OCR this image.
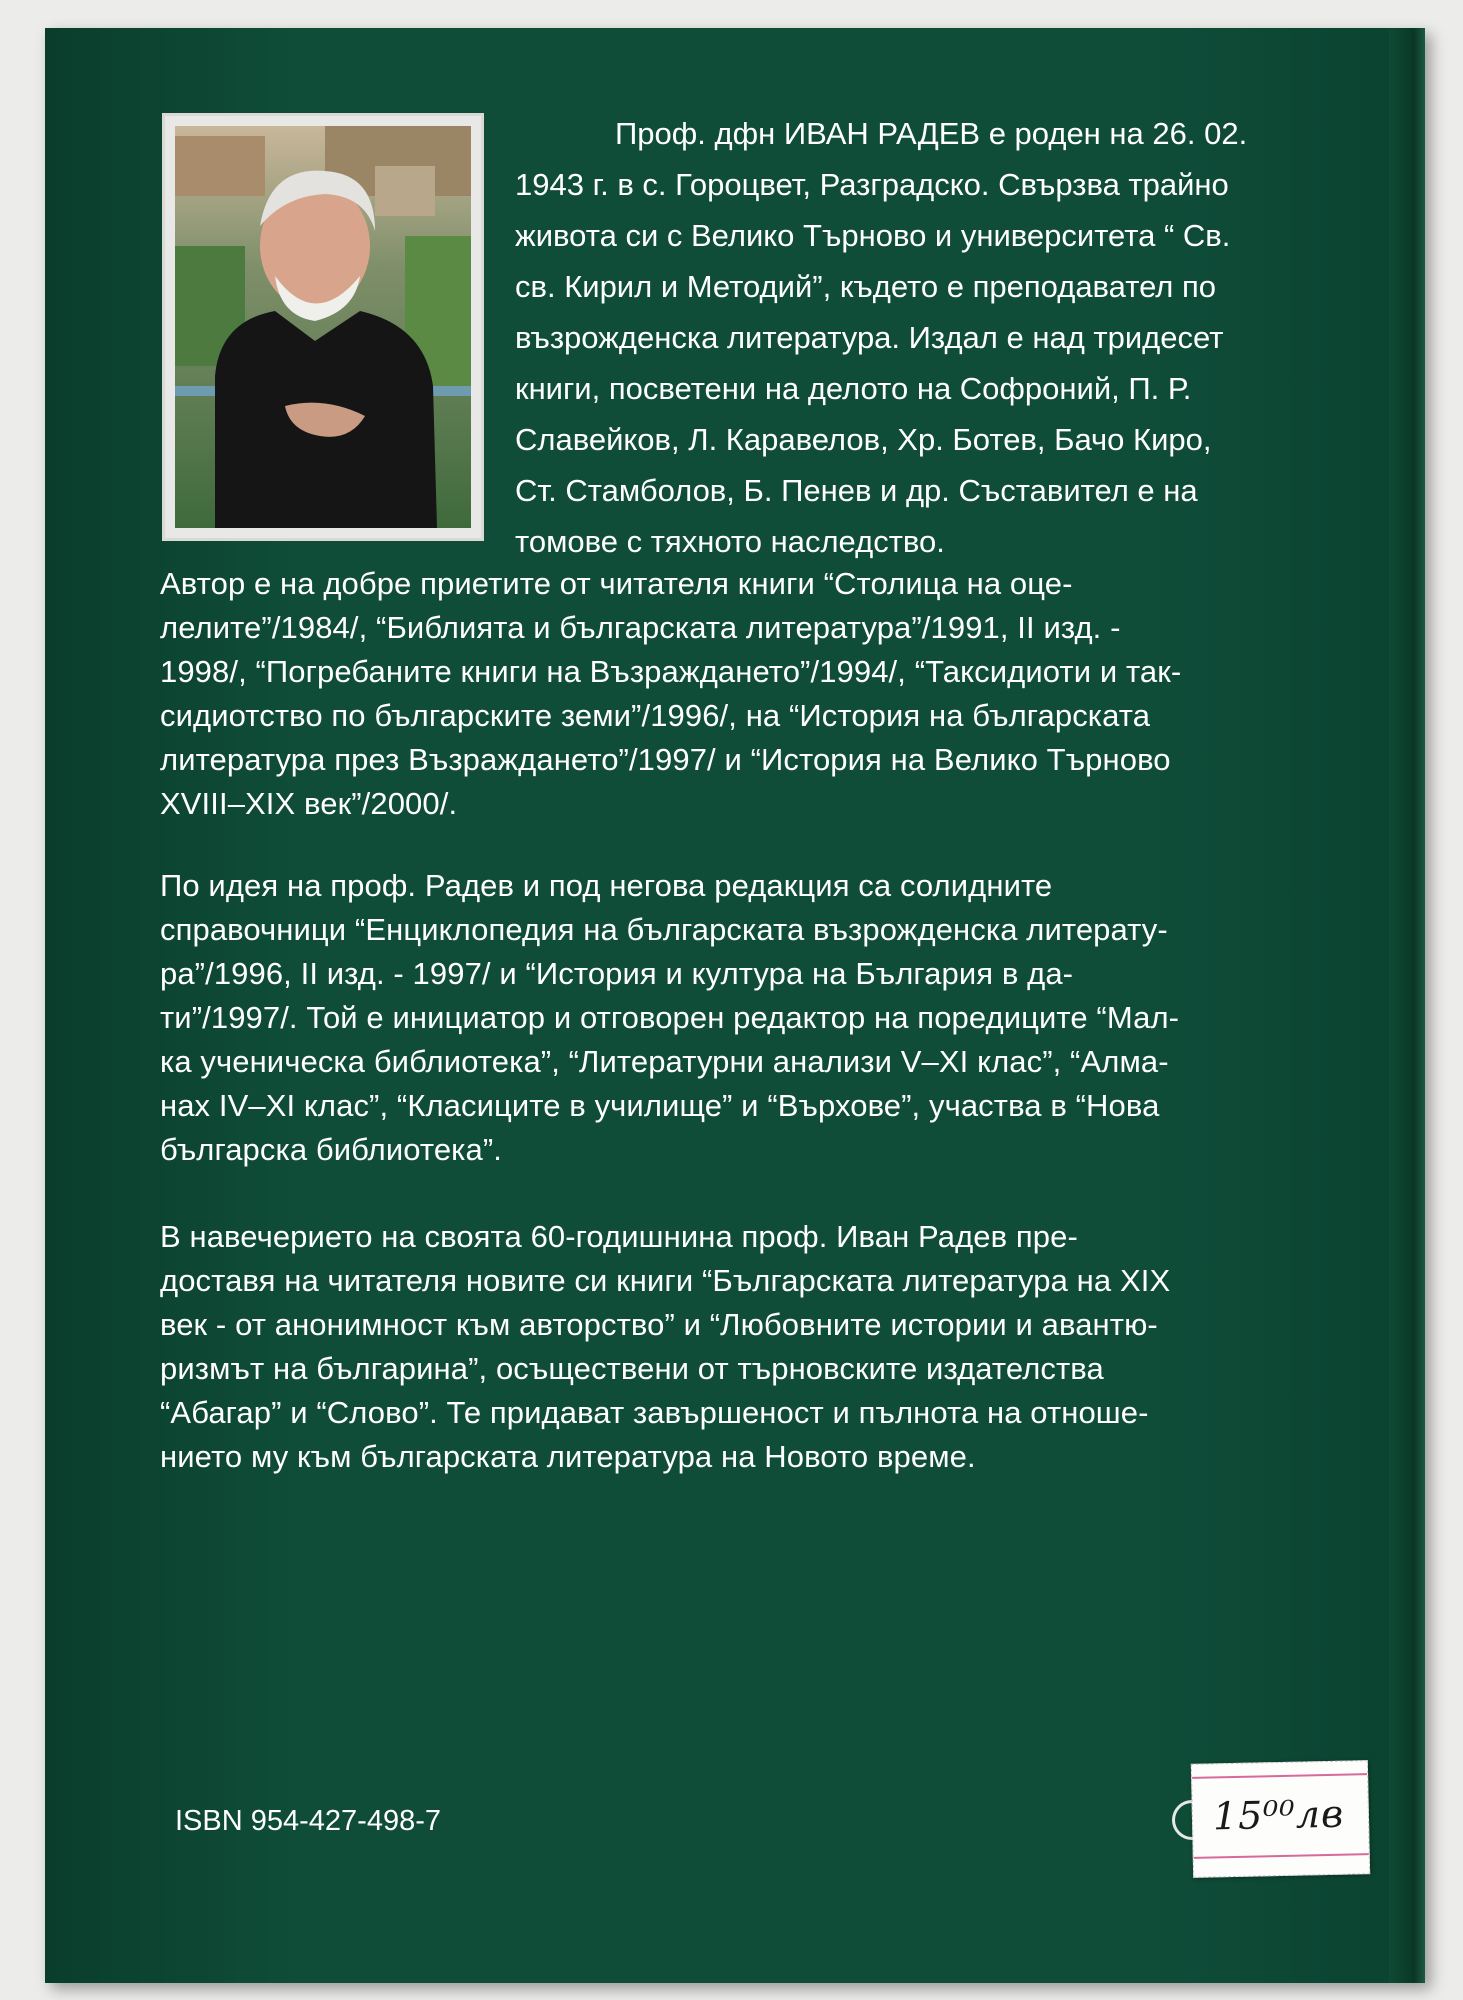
Проф. дфн ИВАН РАДЕВ е роден на 26. 02.
1943 г. в с. Гороцвет, Разградско. Свързва трайно
живота си с Велико Търново и университета “ Св.
св. Кирил и Методий”, където е преподавател по
възрожденска литература. Издал е над тридесет
книги, посветени на делото на Софроний, П. Р.
Славейков, Л. Каравелов, Хр. Ботев, Бачо Киро,
Ст. Стамболов, Б. Пенев и др. Съставител е на
томове с тяхното наследство.

Автор е на добре приетите от читателя книги “Столица на оце-
лелите”/1984/, “Библията и българската литература”/1991, II изд. -
1998/, “Погребаните книги на Възраждането”/1994/, “Таксидиоти и так-
сидиотство по българските земи”/1996/, на “История на българската
литература през Възраждането”/1997/ и “История на Велико Търново
XVIII–XIX век”/2000/.

По идея на проф. Радев и под негова редакция са солидните
справочници “Енциклопедия на българската възрожденска литерату-
ра”/1996, II изд. - 1997/ и “История и култура на България в да-
ти”/1997/. Той е инициатор и отговорен редактор на поредиците “Мал-
ка ученическа библиотека”, “Литературни анализи V–XI клас”, “Алма-
нах IV–XI клас”, “Класиците в училище” и “Върхове”, участва в “Нова
българска библиотека”.

В навечерието на своята 60-годишнина проф. Иван Радев пре-
доставя на читателя новите си книги “Българската литература на XIX
век - от анонимност към авторство” и “Любовните истории и авантю-
ризмът на българина”, осъществени от търновските издателства
“Абагар” и “Слово”. Те придават завършеност и пълнота на отноше-
нието му към българската литература на Новото време.

ISBN 954-427-498-7	15⁰⁰лв
